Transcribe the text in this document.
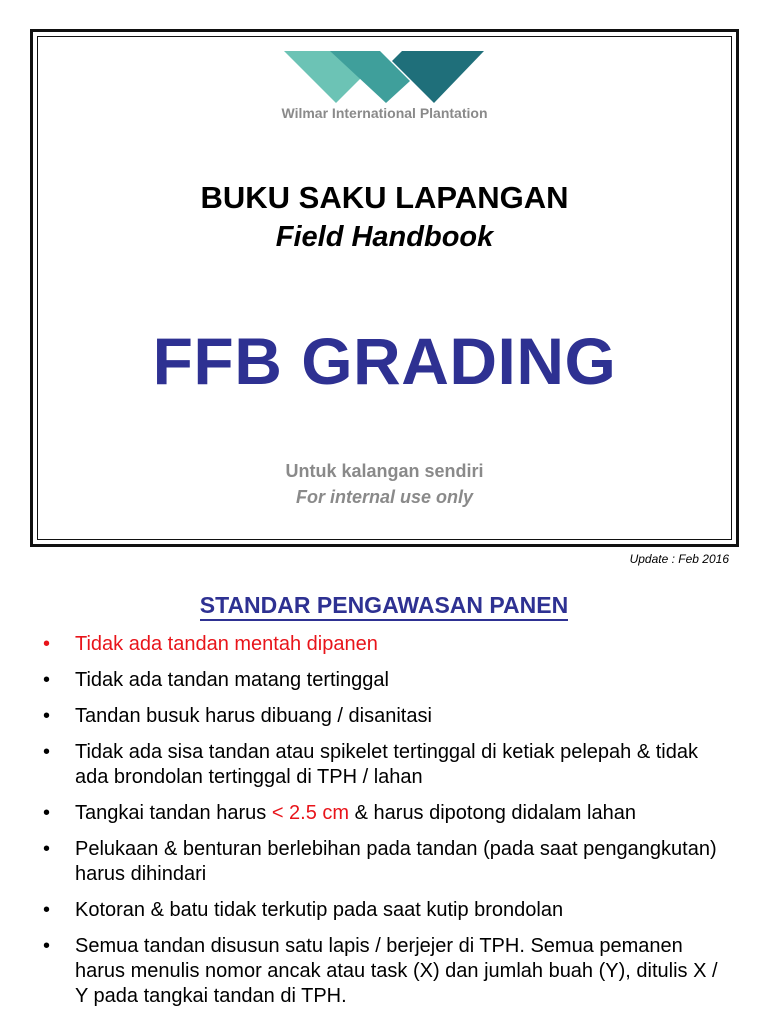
Wilmar International Plantation
BUKU SAKU LAPANGAN
Field Handbook
FFB GRADING
Untuk kalangan sendiri
For internal use only
Update : Feb 2016
STANDAR PENGAWASAN PANEN
• Tidak ada tandan mentah dipanen
• Tidak ada tandan matang tertinggal
• Tandan busuk harus dibuang / disanitasi
• Tidak ada sisa tandan atau spikelet tertinggal di ketiak pelepah & tidak ada brondolan tertinggal di TPH / lahan
• Tangkai tandan harus < 2.5 cm & harus dipotong didalam lahan
• Pelukaan & benturan berlebihan pada tandan (pada saat pengangkutan) harus dihindari
• Kotoran & batu tidak terkutip pada saat kutip brondolan
• Semua tandan disusun satu lapis / berjejer di TPH. Semua pemanen harus menulis nomor ancak atau task (X) dan jumlah buah (Y), ditulis X / Y pada tangkai tandan di TPH.
